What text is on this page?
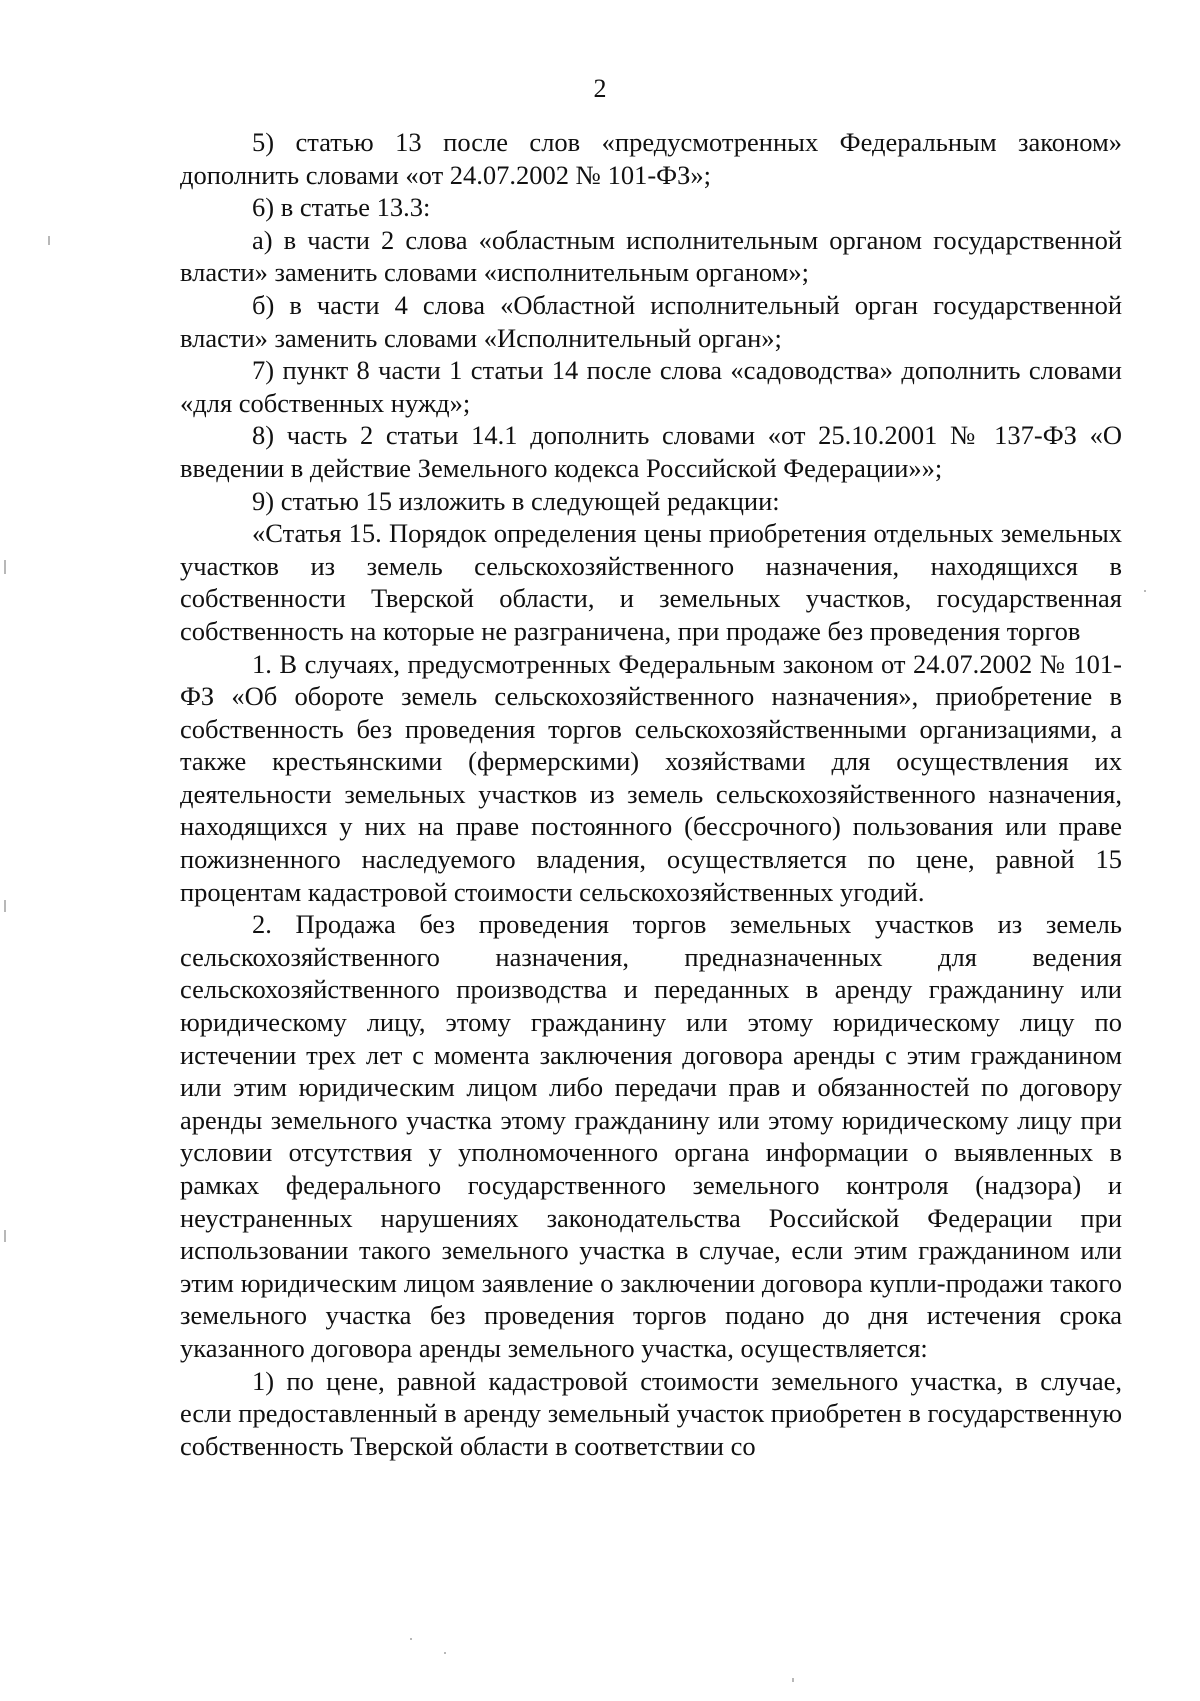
2

5) статью 13 после слов «предусмотренных Федеральным законом» дополнить словами «от 24.07.2002 № 101-ФЗ»;

6) в статье 13.3:

а) в части 2 слова «областным исполнительным органом государственной власти» заменить словами «исполнительным органом»;

б) в части 4 слова «Областной исполнительный орган государственной власти» заменить словами «Исполнительный орган»;

7) пункт 8 части 1 статьи 14 после слова «садоводства» дополнить словами «для собственных нужд»;

8) часть 2 статьи 14.1 дополнить словами «от 25.10.2001 № 137-ФЗ «О введении в действие Земельного кодекса Российской Федерации»»;

9) статью 15 изложить в следующей редакции:

«Статья 15. Порядок определения цены приобретения отдельных земельных участков из земель сельскохозяйственного назначения, находящихся в собственности Тверской области, и земельных участков, государственная собственность на которые не разграничена, при продаже без проведения торгов

1. В случаях, предусмотренных Федеральным законом от 24.07.2002 № 101-ФЗ «Об обороте земель сельскохозяйственного назначения», приобретение в собственность без проведения торгов сельскохозяйственными организациями, а также крестьянскими (фермерскими) хозяйствами для осуществления их деятельности земельных участков из земель сельскохозяйственного назначения, находящихся у них на праве постоянного (бессрочного) пользования или праве пожизненного наследуемого владения, осуществляется по цене, равной 15 процентам кадастровой стоимости сельскохозяйственных угодий.

2. Продажа без проведения торгов земельных участков из земель сельскохозяйственного назначения, предназначенных для ведения сельскохозяйственного производства и переданных в аренду гражданину или юридическому лицу, этому гражданину или этому юридическому лицу по истечении трех лет с момента заключения договора аренды с этим гражданином или этим юридическим лицом либо передачи прав и обязанностей по договору аренды земельного участка этому гражданину или этому юридическому лицу при условии отсутствия у уполномоченного органа информации о выявленных в рамках федерального государственного земельного контроля (надзора) и неустраненных нарушениях законодательства Российской Федерации при использовании такого земельного участка в случае, если этим гражданином или этим юридическим лицом заявление о заключении договора купли-продажи такого земельного участка без проведения торгов подано до дня истечения срока указанного договора аренды земельного участка, осуществляется:

1) по цене, равной кадастровой стоимости земельного участка, в случае, если предоставленный в аренду земельный участок приобретен в государственную собственность Тверской области в соответствии со
